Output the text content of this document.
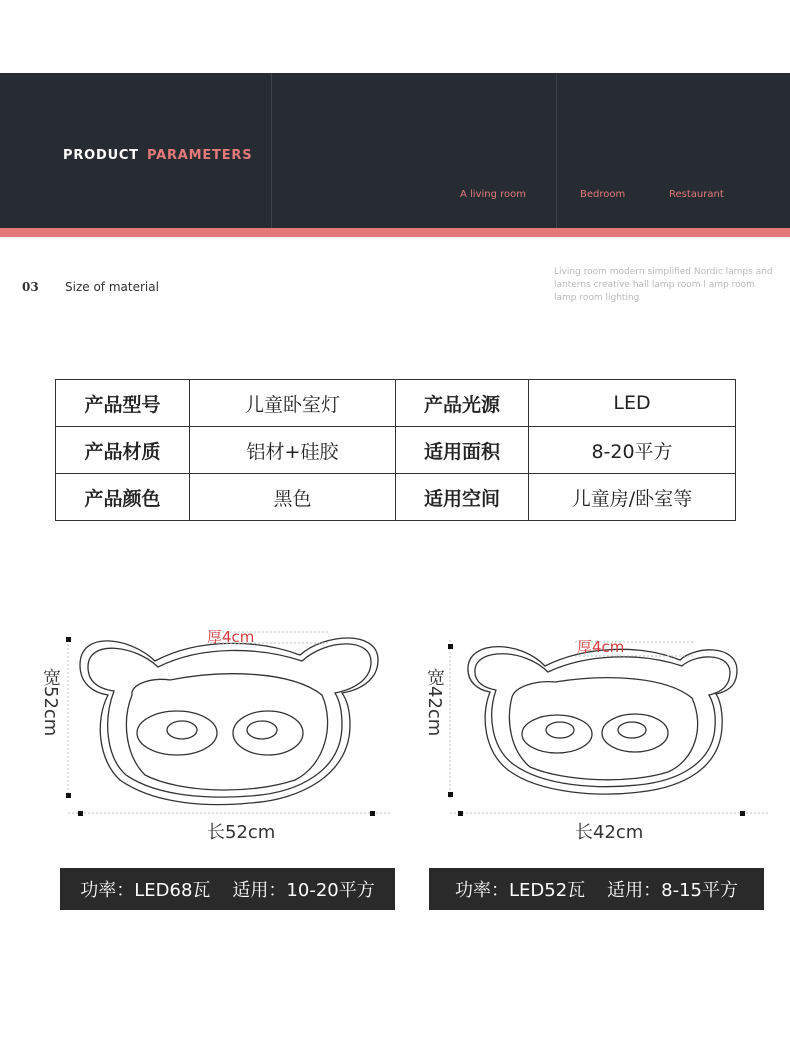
PRODUCT PARAMETERS
A living room	Bedroom	Restaurant
03 Size of material
Living room modern simplified Nordic lamps and lanterns creative hall lamp room l amp room lamp room lighting
产品型号	儿童卧室灯	产品光源	LED
产品材质	铝材+硅胶	适用面积	8-20平方
产品颜色	黑色	适用空间	儿童房/卧室等
厚4cm
宽52cm
长52cm
功率：LED68瓦 适用：10-20平方
厚4cm
宽42cm
长42cm
功率：LED52瓦 适用：8-15平方
